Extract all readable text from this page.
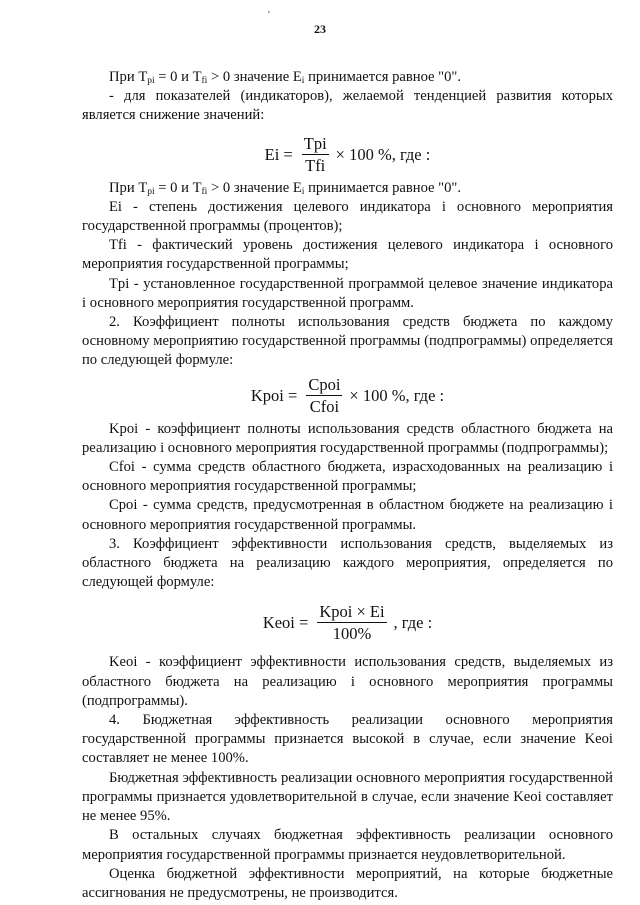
'
23

При $T_{pi} = 0$ и $T_{fi} > 0$ значение $E_i$ принимается равное "0".

- для показателей (индикаторов), желаемой тенденцией развития которых является снижение значений:

$Ei = \frac{\text{Tpi}}{\text{Tfi}} \times 100$ %, где :

При $T_{pi} = 0$ и $T_{fi} > 0$ значение $E_i$ принимается равное "0".

Ei - степень достижения целевого индикатора i основного мероприятия государственной программы (процентов);

Tfi - фактический уровень достижения целевого индикатора i основного мероприятия государственной программы;

Tpi - установленное государственной программой целевое значение индикатора i основного мероприятия государственной программ.

2. Коэффициент полноты использования средств бюджета по каждому основному мероприятию государственной программы (подпрограммы) определяется по следующей формуле:

Kpoi = $\frac{\text{Cpoi}}{\text{Cfoi}} \times 100$ %, где :

Kpoi - коэффициент полноты использования средств областного бюджета на реализацию i основного мероприятия государственной программы (подпрограммы);

Cfoi - сумма средств областного бюджета, израсходованных на реализацию i основного мероприятия государственной программы;

Cpoi - сумма средств, предусмотренная в областном бюджете на реализацию i основного мероприятия государственной программы.

3. Коэффициент эффективности использования средств, выделяемых из областного бюджета на реализацию каждого мероприятия, определяется по следующей формуле:

Keoi = $\frac{\text{Kpoi × Ei}}{100\%}$ , где :

Keoi - коэффициент эффективности использования средств, выделяемых из областного бюджета на реализацию i основного мероприятия программы (подпрограммы).

4. Бюджетная эффективность реализации основного мероприятия государственной программы признается высокой в случае, если значение Keoi составляет не менее 100%.

Бюджетная эффективность реализации основного мероприятия государственной программы признается удовлетворительной в случае, если значение Keoi составляет не менее 95%.

В остальных случаях бюджетная эффективность реализации основного мероприятия государственной программы признается неудовлетворительной.

Оценка бюджетной эффективности мероприятий, на которые бюджетные ассигнования не предусмотрены, не производится.
